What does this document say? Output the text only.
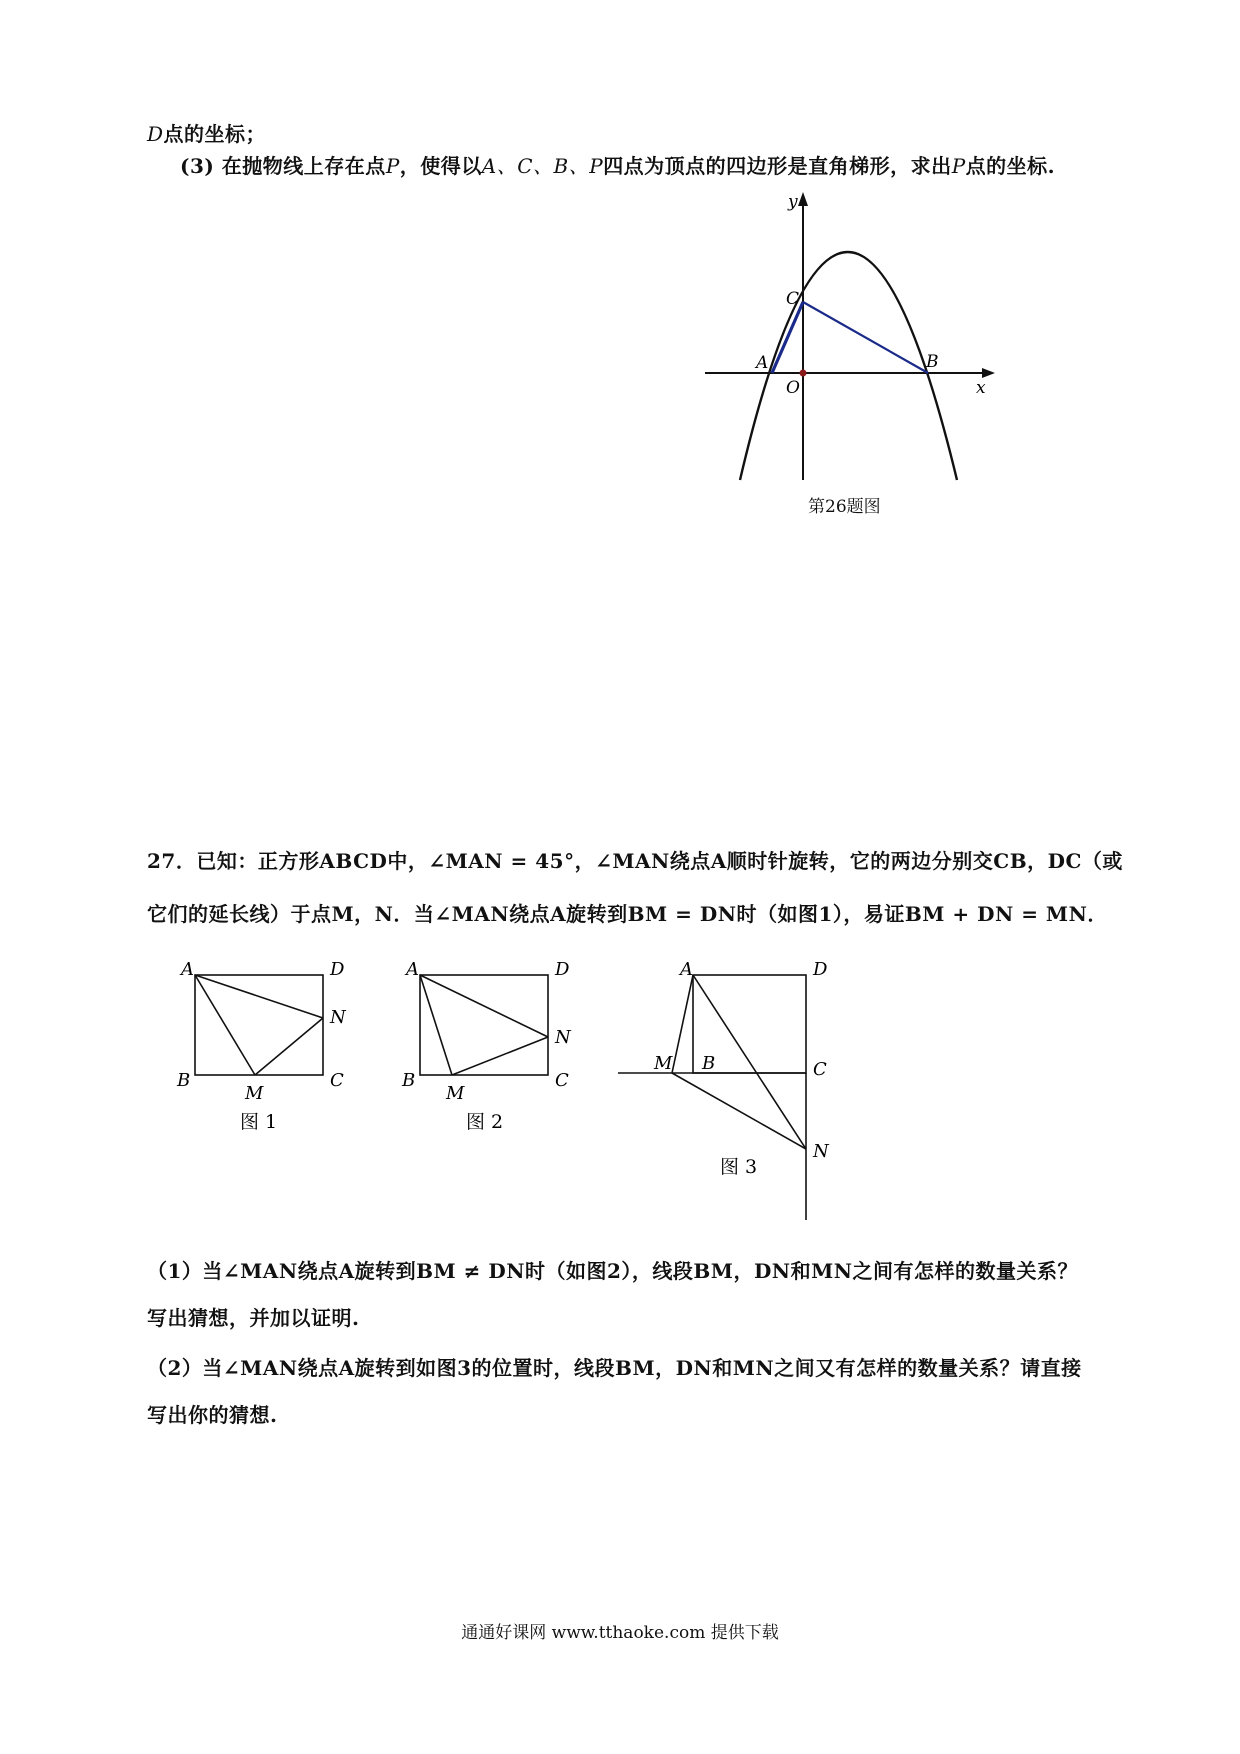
D点的坐标；
(3) 在抛物线上存在点P，使得以A、C、B、P四点为顶点的四边形是直角梯形，求出P点的坐标.
y
x
O
A	B
C
第26题图
27．已知：正方形ABCD中，∠MAN = 45°，∠MAN绕点A顺时针旋转，它的两边分别交CB，DC（或
它们的延长线）于点M，N．当∠MAN绕点A旋转到BM = DN时（如图1），易证BM + DN = MN．
A	D
N
B	C
M
图 1
A	D
N
B	C
M
图 2
A	D
M B	C
N
图 3
（1）当∠MAN绕点A旋转到BM ≠ DN时（如图2），线段BM，DN和MN之间有怎样的数量关系？
写出猜想，并加以证明.
（2）当∠MAN绕点A旋转到如图3的位置时，线段BM，DN和MN之间又有怎样的数量关系？请直接
写出你的猜想.
通通好课网 www.tthaoke.com 提供下载
